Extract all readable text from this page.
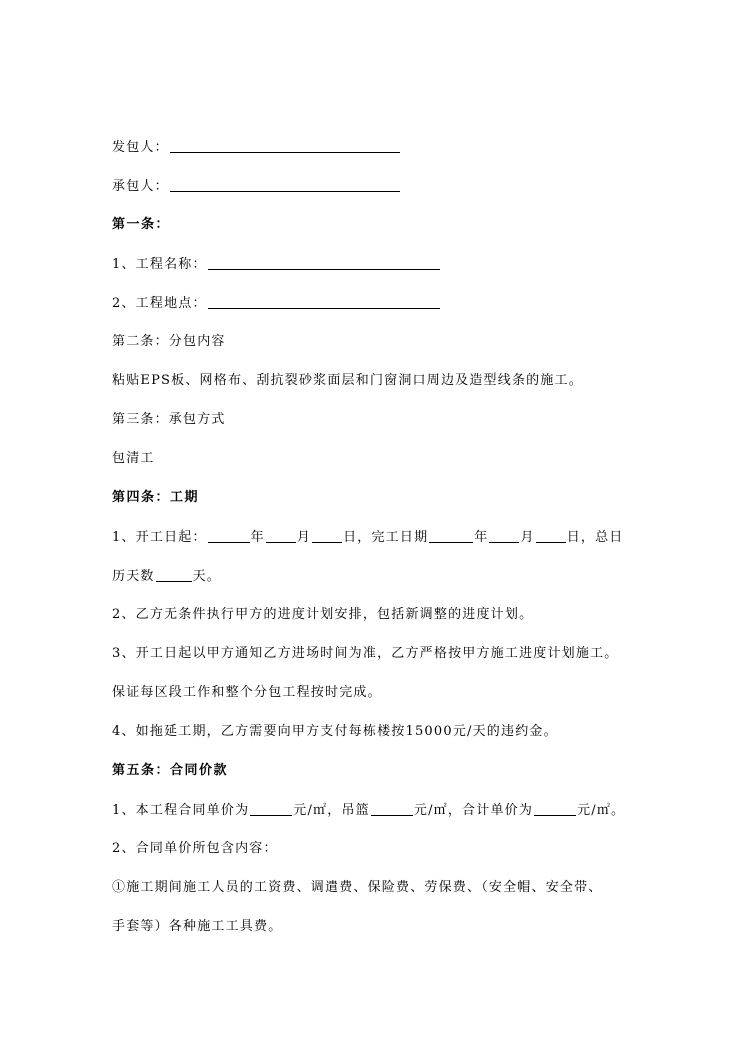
发包人：
承包人：
第一条：
1、工程名称：
2、工程地点：
第二条：分包内容
粘贴EPS板、网格布、刮抗裂砂浆面层和门窗洞口周边及造型线条的施工。
第三条：承包方式
包清工
第四条：工期
1、开工日起：	年 月 日，完工日期	年 月 日，总日
历天数	天。
2、乙方无条件执行甲方的进度计划安排，包括新调整的进度计划。
3、开工日起以甲方通知乙方进场时间为准，乙方严格按甲方施工进度计划施工。
保证每区段工作和整个分包工程按时完成。
4、如拖延工期，乙方需要向甲方支付每栋楼按15000元/天的违约金。
第五条：合同价款
1、本工程合同单价为	元/㎡，吊篮	元/㎡，合计单价为	元/㎡。
2、合同单价所包含内容：
①施工期间施工人员的工资费、调遣费、保险费、劳保费、（安全帽、安全带、
手套等）各种施工工具费。
